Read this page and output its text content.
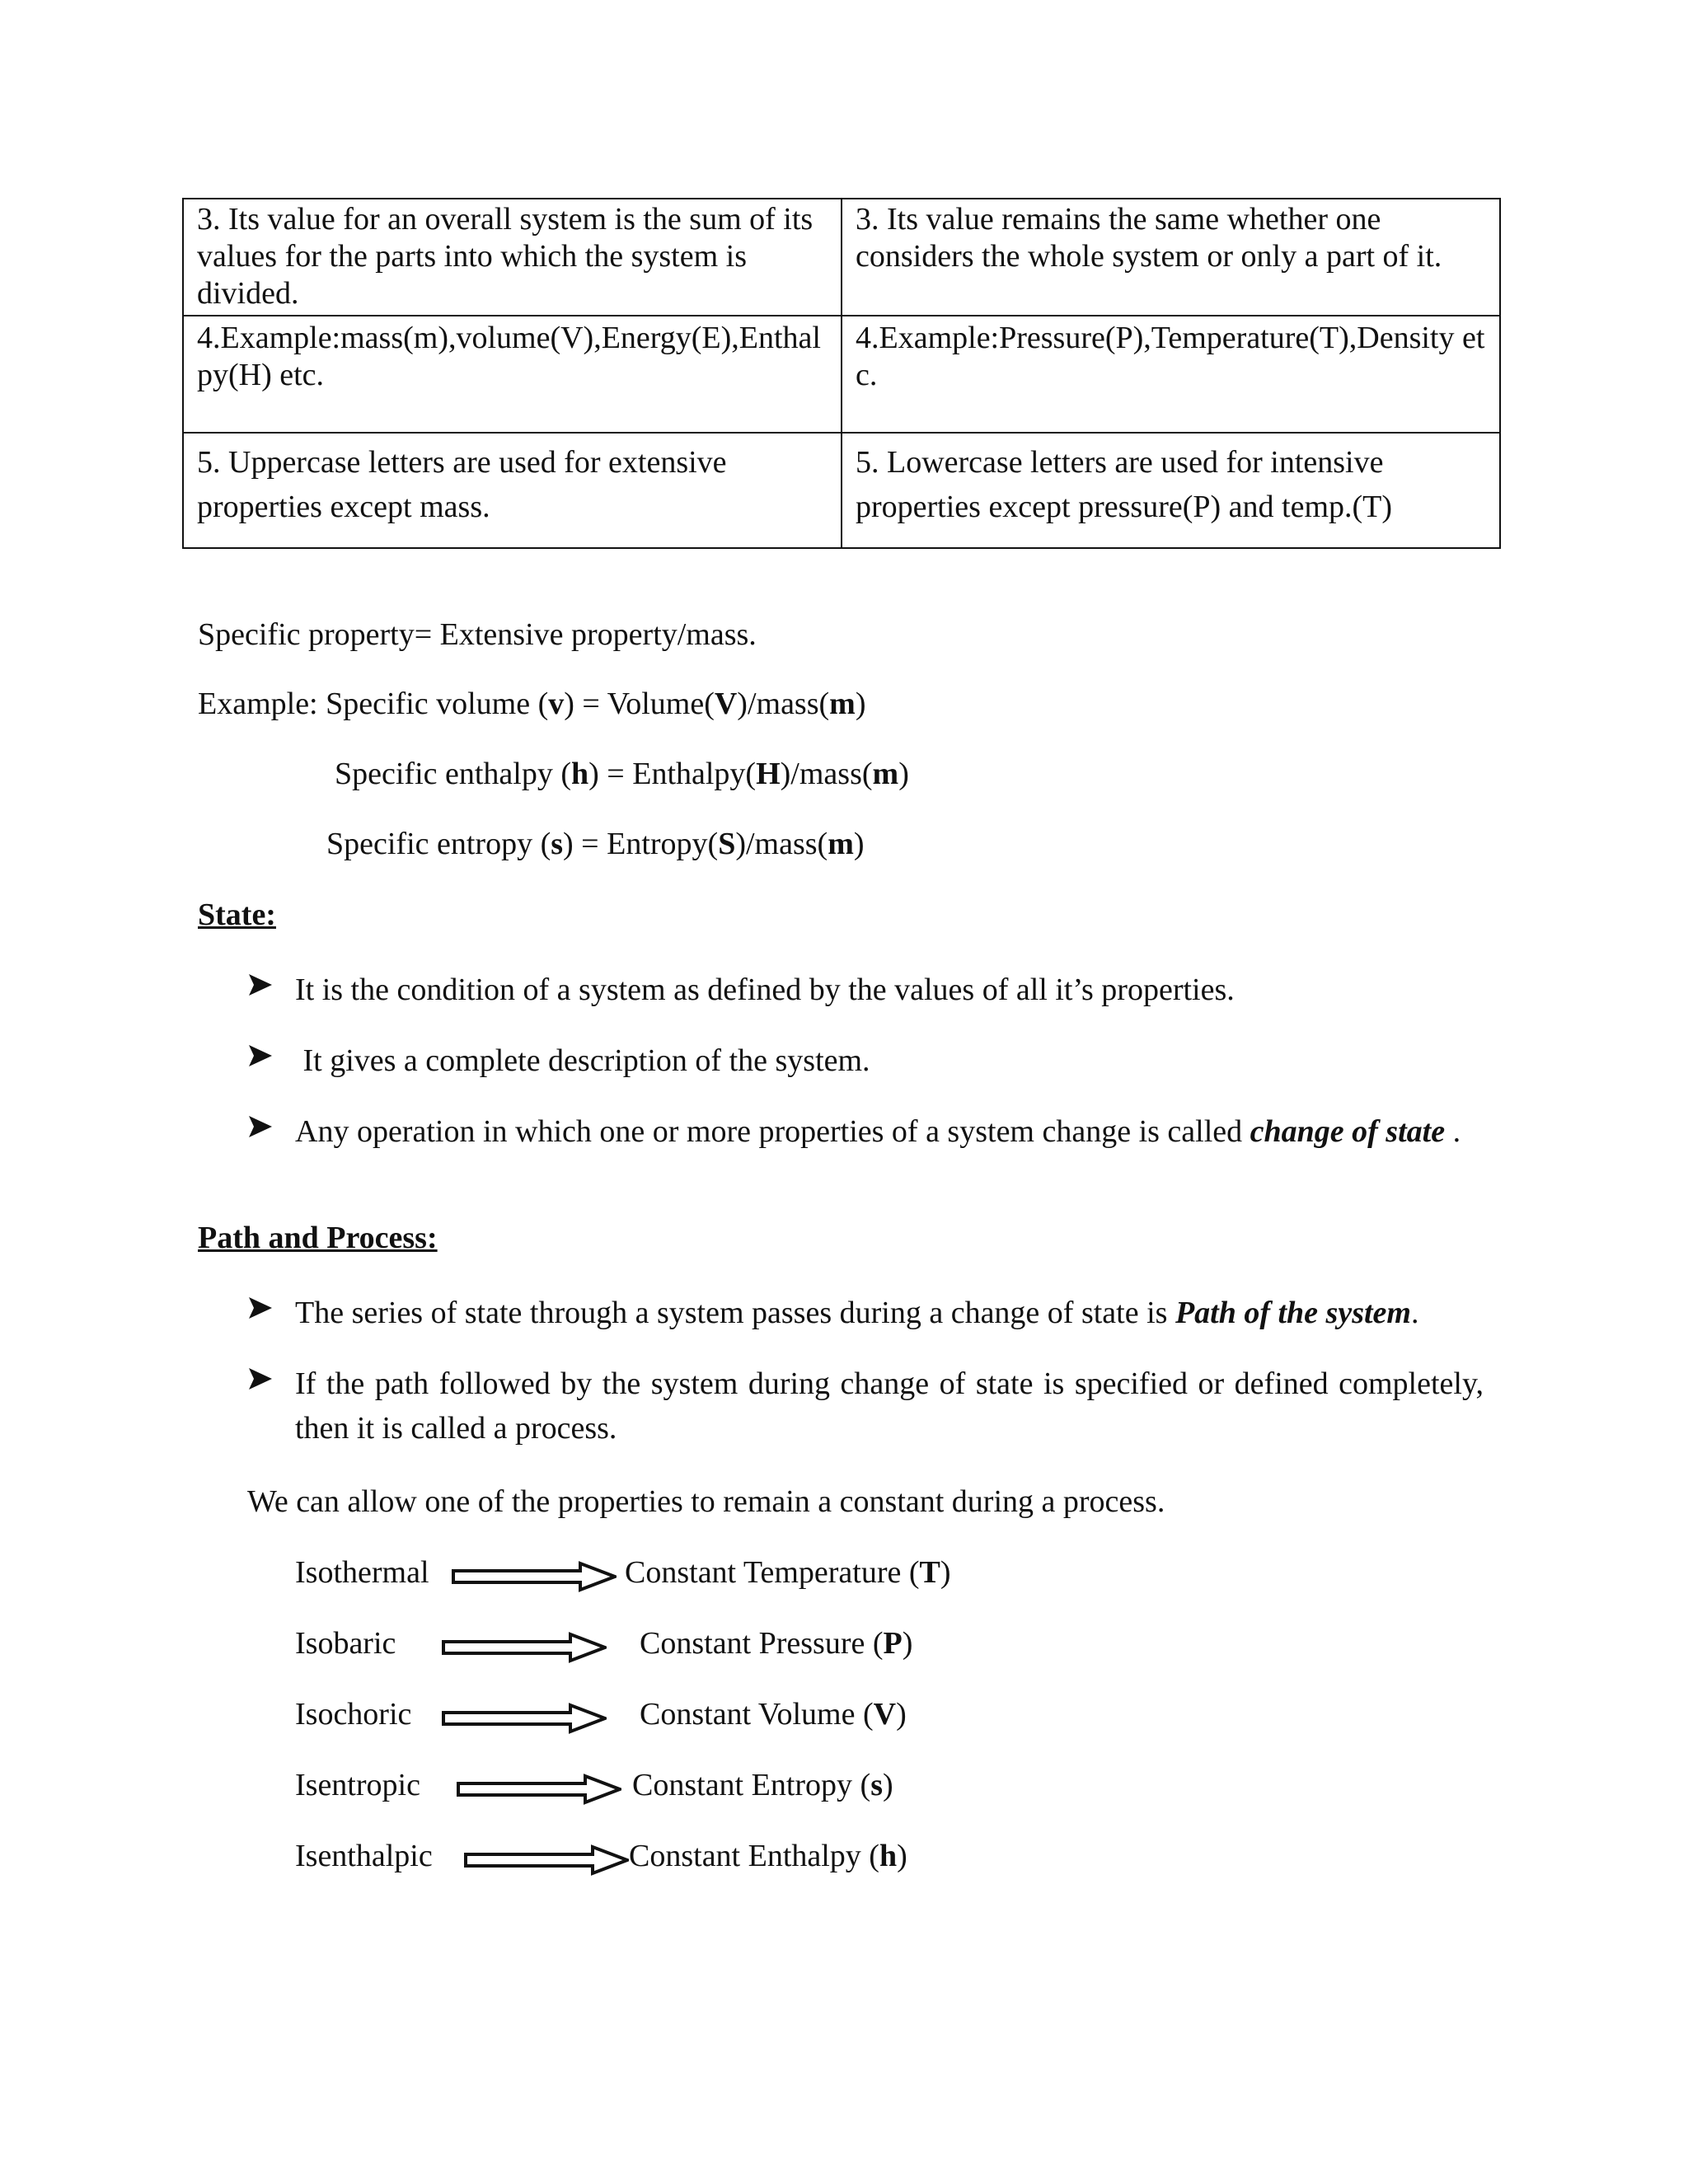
3. Its value for an overall system is the sum of its values for the parts into which the system is divided.	3. Its value remains the same whether one considers the whole system or only a part of it.
4.Example:mass(m),volume(V),Energy(E),Enthalpy(H) etc.	4.Example:Pressure(P),Temperature(T),Density etc.
5. Uppercase letters are used for extensive properties except mass.	5. Lowercase letters are used for intensive properties except pressure(P) and temp.(T)
Specific property= Extensive property/mass.
Example: Specific volume (v) = Volume(V)/mass(m)
Specific enthalpy (h) = Enthalpy(H)/mass(m)
Specific entropy (s) = Entropy(S)/mass(m)
State:
It is the condition of a system as defined by the values of all it’s properties.
It gives a complete description of the system.
Any operation in which one or more properties of a system change is called change of state .
Path and Process:
The series of state through a system passes during a change of state is Path of the system.
If the path followed by the system during change of state is specified or defined completely, then it is called a process.
We can allow one of the properties to remain a constant during a process.
Isothermal	Constant Temperature (T)
Isobaric	Constant Pressure (P)
Isochoric	Constant Volume (V)
Isentropic	Constant Entropy (s)
Isenthalpic	Constant Enthalpy (h)
